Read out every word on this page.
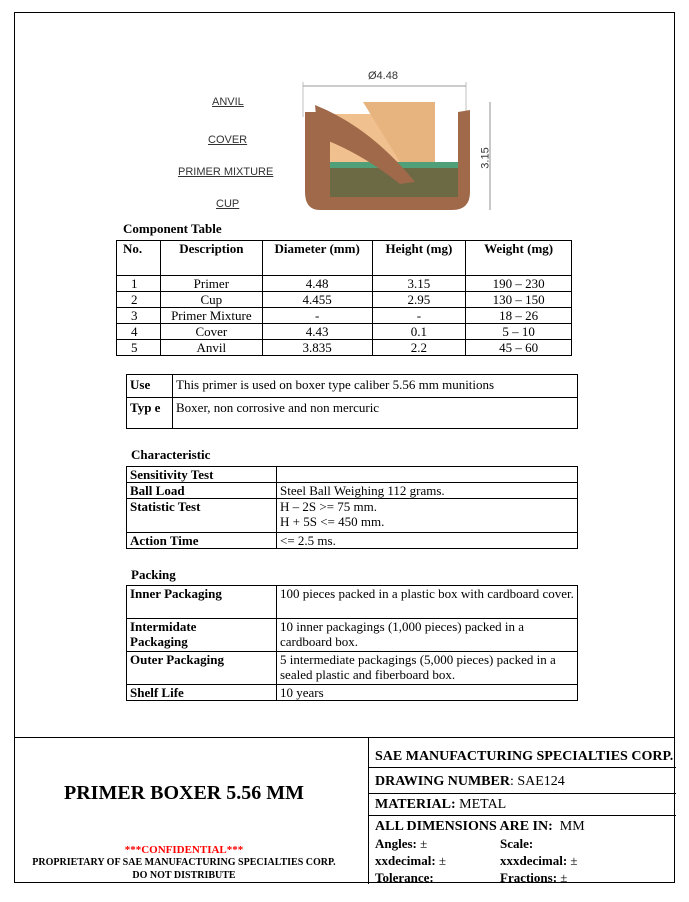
Ø4.48
3.15
ANVIL
COVER
PRIMER MIXTURE
CUP
Component Table
No.	Description	Diameter (mm)	Height (mg)	Weight (mg)
1	Primer	4.48	3.15	190 – 230
2	Cup	4.455	2.95	130 – 150
3	Primer Mixture	-	-	18 – 26
4	Cover	4.43	0.1	5 – 10
5	Anvil	3.835	2.2	45 – 60
Use	This primer is used on boxer type caliber 5.56 mm munitions
Typ e	Boxer, non corrosive and non mercuric
Characteristic
Sensitivity Test	
Ball Load	Steel Ball Weighing 112 grams.
Statistic Test	H – 2S >= 75 mm.
H + 5S <= 450 mm.
Action Time	<= 2.5 ms.
Packing
Inner Packaging	100 pieces packed in a plastic box with cardboard cover.
Intermidate Packaging	10 inner packagings (1,000 pieces) packed in a cardboard box.
Outer Packaging	5 intermediate packagings (5,000 pieces) packed in a sealed plastic and fiberboard box.
Shelf Life	10 years
PRIMER BOXER 5.56 MM
***CONFIDENTIAL***
PROPRIETARY OF SAE MANUFACTURING SPECIALTIES CORP.
DO NOT DISTRIBUTE
SAE MANUFACTURING SPECIALTIES CORP.
DRAWING NUMBER: SAE124
MATERIAL: METAL
ALL DIMENSIONS ARE IN:  MM
Angles: ±	Scale:
xxdecimal: ±	xxxdecimal: ±
Tolerance:	Fractions: ±
